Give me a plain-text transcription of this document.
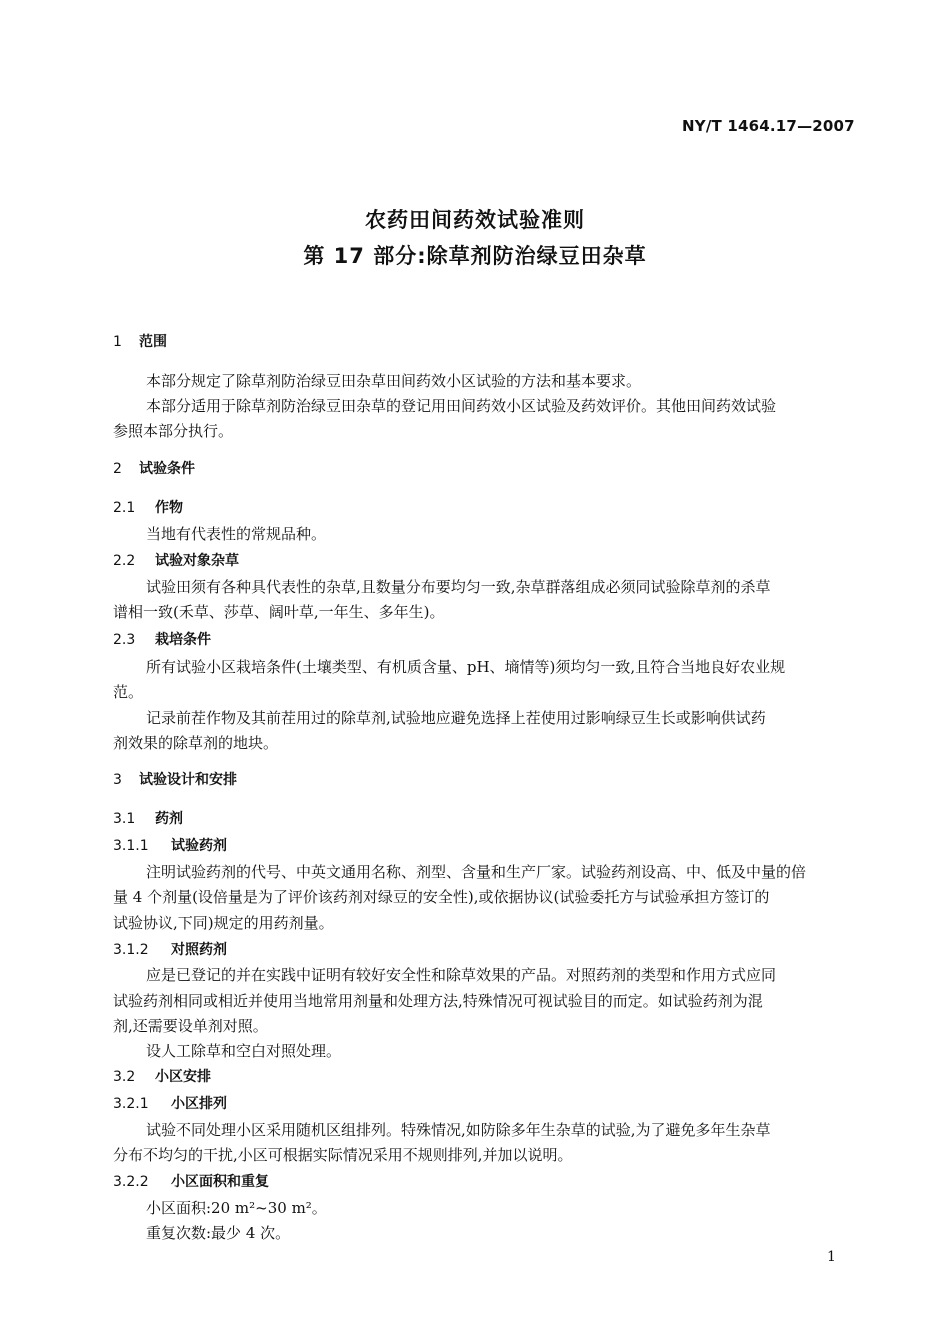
NY/T 1464.17—2007
农药田间药效试验准则
第 17 部分:除草剂防治绿豆田杂草
1 范围
本部分规定了除草剂防治绿豆田杂草田间药效小区试验的方法和基本要求。
本部分适用于除草剂防治绿豆田杂草的登记用田间药效小区试验及药效评价。其他田间药效试验
参照本部分执行。
2 试验条件
2.1 作物
当地有代表性的常规品种。
2.2 试验对象杂草
试验田须有各种具代表性的杂草,且数量分布要均匀一致,杂草群落组成必须同试验除草剂的杀草
谱相一致(禾草、莎草、阔叶草,一年生、多年生)。
2.3 栽培条件
所有试验小区栽培条件(土壤类型、有机质含量、pH、墒情等)须均匀一致,且符合当地良好农业规
范。
记录前茬作物及其前茬用过的除草剂,试验地应避免选择上茬使用过影响绿豆生长或影响供试药
剂效果的除草剂的地块。
3 试验设计和安排
3.1 药剂
3.1.1 试验药剂
注明试验药剂的代号、中英文通用名称、剂型、含量和生产厂家。试验药剂设高、中、低及中量的倍
量 4 个剂量(设倍量是为了评价该药剂对绿豆的安全性),或依据协议(试验委托方与试验承担方签订的
试验协议,下同)规定的用药剂量。
3.1.2 对照药剂
应是已登记的并在实践中证明有较好安全性和除草效果的产品。对照药剂的类型和作用方式应同
试验药剂相同或相近并使用当地常用剂量和处理方法,特殊情况可视试验目的而定。如试验药剂为混
剂,还需要设单剂对照。
设人工除草和空白对照处理。
3.2 小区安排
3.2.1 小区排列
试验不同处理小区采用随机区组排列。特殊情况,如防除多年生杂草的试验,为了避免多年生杂草
分布不均匀的干扰,小区可根据实际情况采用不规则排列,并加以说明。
3.2.2 小区面积和重复
小区面积:20 m²~30 m²。
重复次数:最少 4 次。
1
